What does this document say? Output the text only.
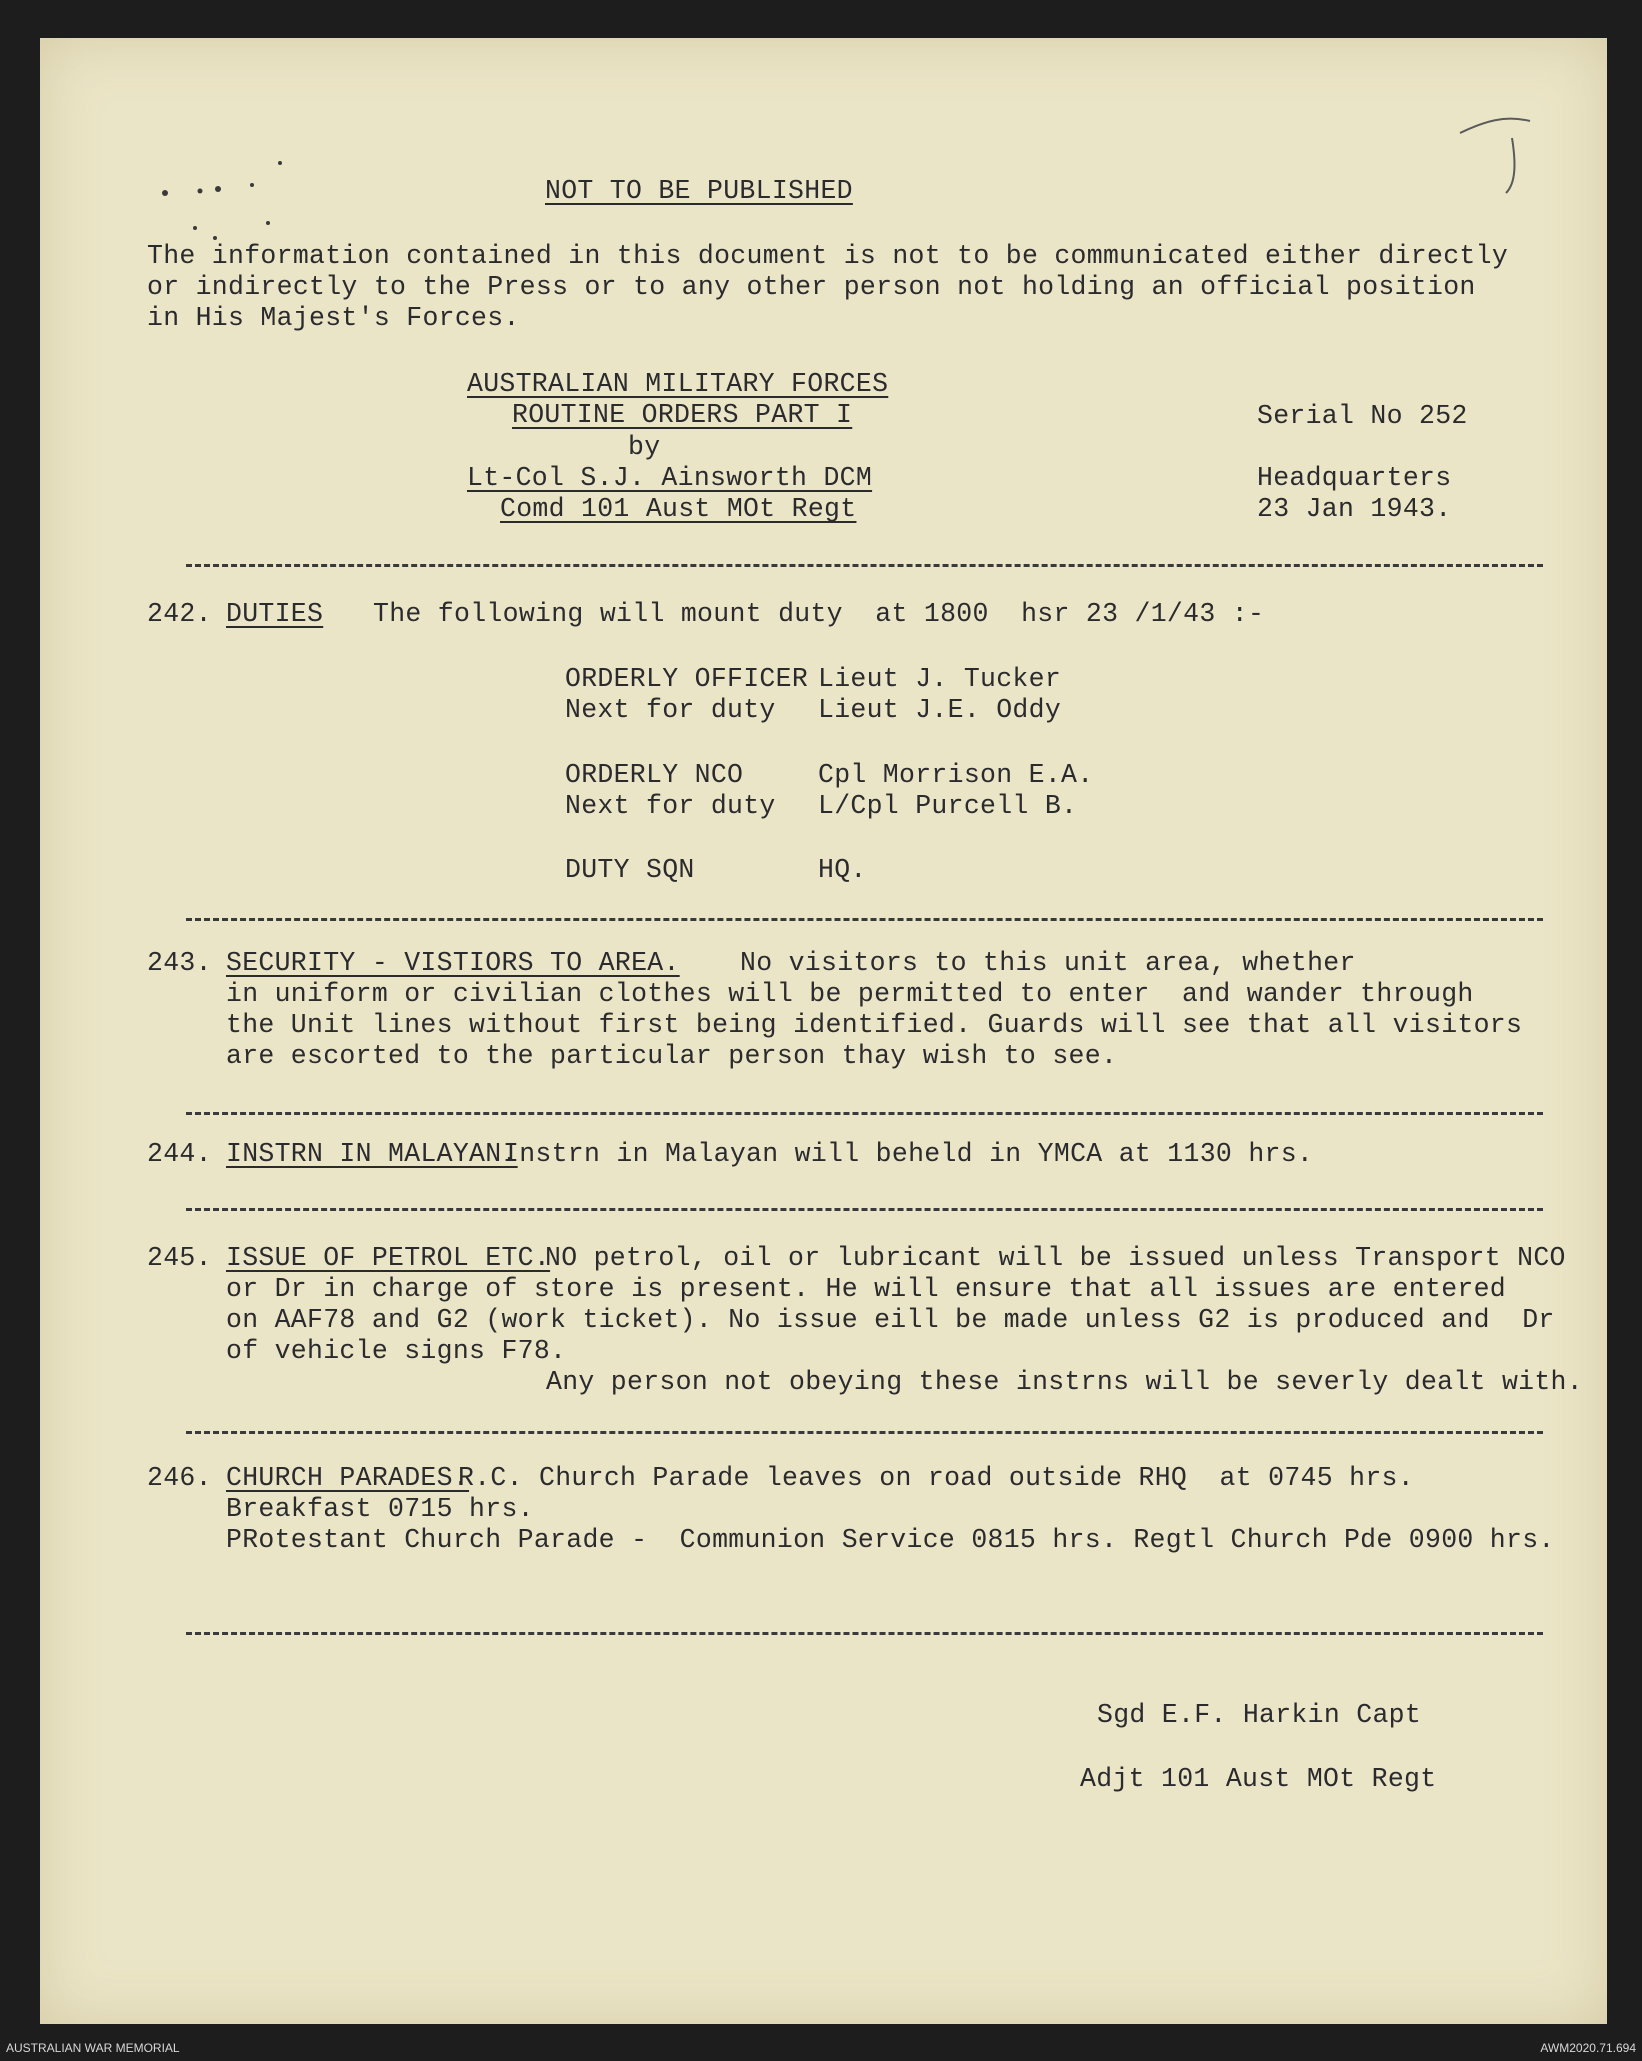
NOT TO BE PUBLISHED
The information contained in this document is not to be communicated either directly
or indirectly to the Press or to any other person not holding an official position
in His Majest's Forces.
AUSTRALIAN MILITARY FORCES
ROUTINE ORDERS PART I
by
Lt-Col S.J. Ainsworth DCM
Comd 101 Aust MOt Regt
Serial No 252
Headquarters
23 Jan 1943.
242. DUTIES The following will mount duty  at 1800  hsr 23 /1/43 :-
ORDERLY OFFICER Lieut J. Tucker
Next for duty Lieut J.E. Oddy
ORDERLY NCO	Cpl Morrison E.A.
Next for duty L/Cpl Purcell B.
DUTY SQN	HQ.
243. SECURITY - VISTIORS TO AREA. No visitors to this unit area, whether
in uniform or civilian clothes will be permitted to enter  and wander through
the Unit lines without first being identified. Guards will see that all visitors
are escorted to the particular person thay wish to see.
244. INSTRN IN MALAYAN.
Instrn in Malayan will beheld in YMCA at 1130 hrs.
245. ISSUE OF PETROL ETC.
NO petrol, oil or lubricant will be issued unless Transport NCO
or Dr in charge of store is present. He will ensure that all issues are entered
on AAF78 and G2 (work ticket). No issue eill be made unless G2 is produced and  Dr
of vehicle signs F78.
Any person not obeying these instrns will be severly dealt with.
246. CHURCH PARADES.
R.C. Church Parade leaves on road outside RHQ  at 0745 hrs.
Breakfast 0715 hrs.
PRotestant Church Parade -  Communion Service 0815 hrs. Regtl Church Pde 0900 hrs.
Sgd E.F. Harkin Capt
Adjt 101 Aust MOt Regt
AUSTRALIAN WAR MEMORIAL	AWM2020.71.694
